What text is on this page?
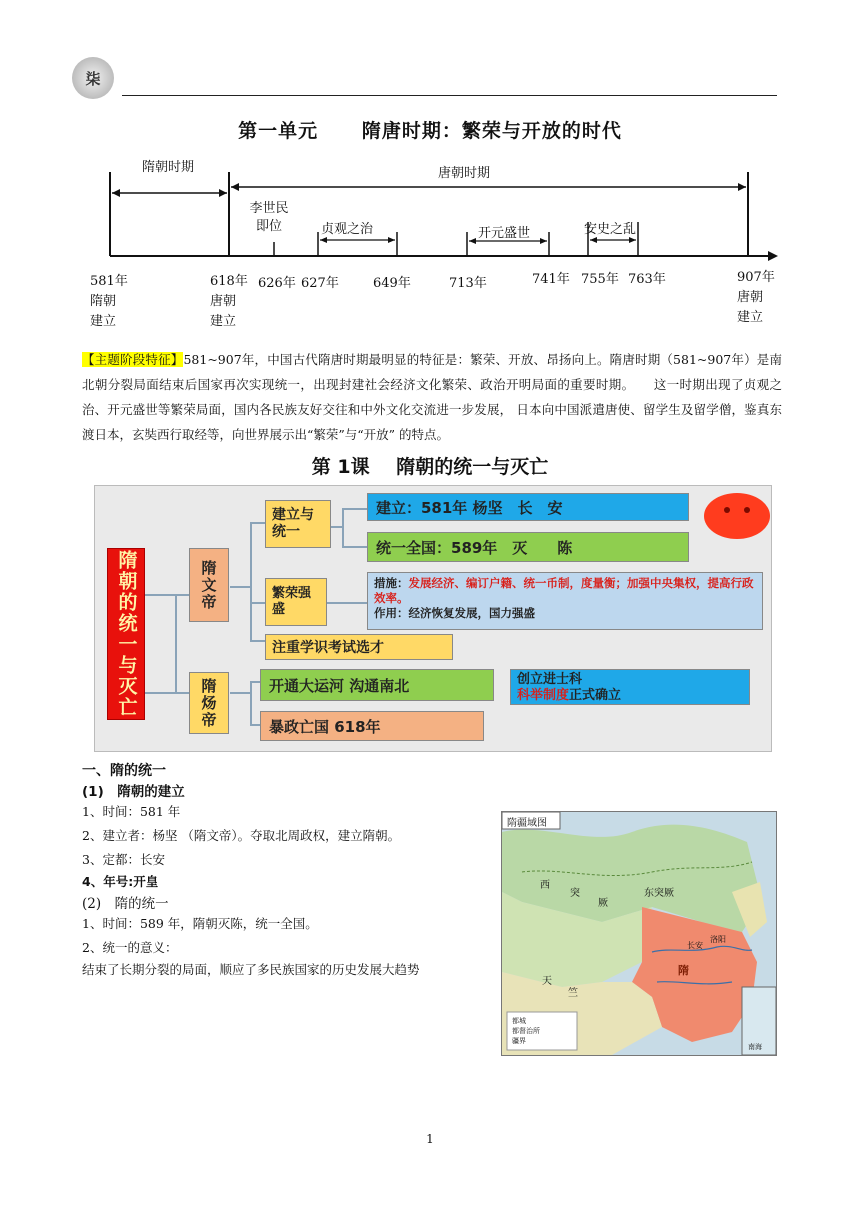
柒
第一单元 隋唐时期：繁荣与开放的时代
隋朝时期	唐朝时期
李世民即位	贞观之治	开元盛世	安史之乱
581年
隋朝建立
618年
唐朝建立
626年 627年	649年	713年	741年 755年 763年	907年
唐朝建立
【主题阶段特征】581~907年，中国古代隋唐时期最明显的特征是：繁荣、开放、昂扬向上。隋唐时期（581~907年）是南北朝分裂局面结束后国家再次实现统一，出现封建社会经济文化繁荣、政治开明局面的重要时期。　　这一时期出现了贞观之治、开元盛世等繁荣局面，国内各民族友好交往和中外文化交流进一步发展， 日本向中国派遣唐使、留学生及留学僧，鉴真东渡日本，玄奘西行取经等，向世界展示出“繁荣”与“开放” 的特点。
第 1课 隋朝的统一与灭亡
隋朝的统一与灭亡	隋文帝
隋炀帝
建立与统一
建立：581年 杨坚　长　安
统一全国：589年　灭　　陈
繁荣强盛
措施：发展经济、编订户籍、统一币制，度量衡；加强中央集权，提高行政效率。
作用：经济恢复发展，国力强盛
注重学识考试选才
开通大运河 沟通南北	创立进士科
科举制度正式确立
暴政亡国 618年
一、隋的统一
(1)　隋朝的建立
1、时间：581 年
2、建立者：杨坚 （隋文帝）。夺取北周政权，建立隋朝。
3、定都：长安
4、年号:开皇
(2)　隋的统一
1、时间：589 年，隋朝灭陈，统一全国。
2、统一的意义：
结束了长期分裂的局面，顺应了多民族国家的历史发展大趋势
隋疆域图
西
突
厥
东突厥
隋
长安
洛阳
天
竺
南海
都城
都督治所
疆界
1
